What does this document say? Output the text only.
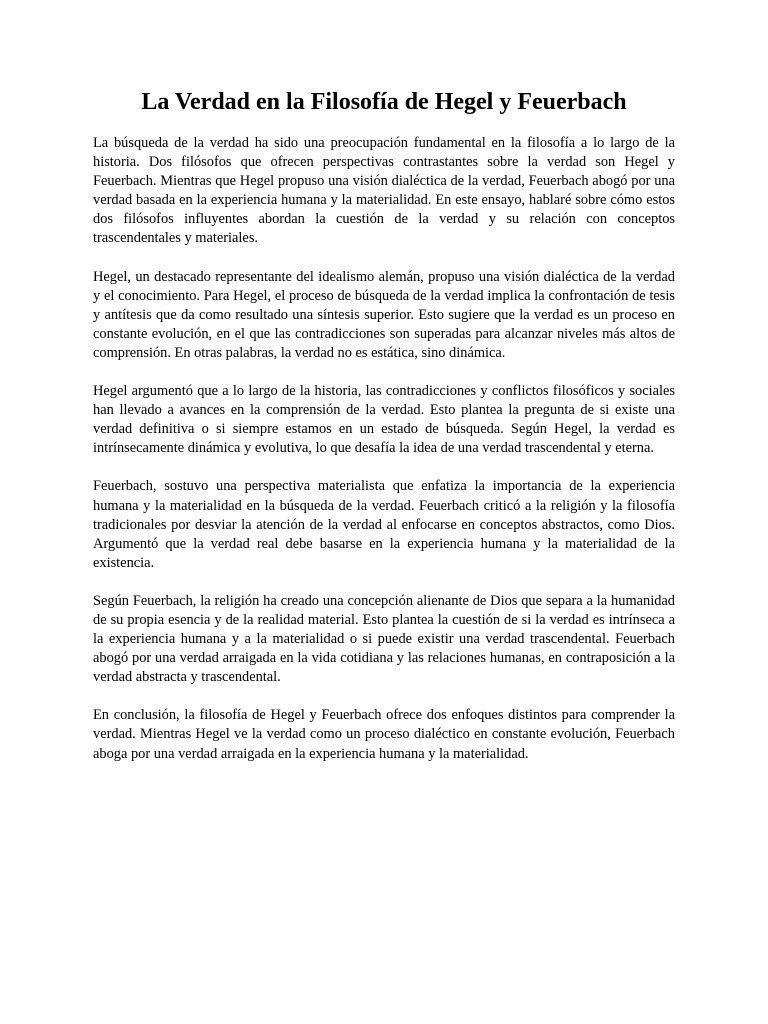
La Verdad en la Filosofía de Hegel y Feuerbach

La búsqueda de la verdad ha sido una preocupación fundamental en la filosofía a lo largo de la historia. Dos filósofos que ofrecen perspectivas contrastantes sobre la verdad son Hegel y Feuerbach. Mientras que Hegel propuso una visión dialéctica de la verdad, Feuerbach abogó por una verdad basada en la experiencia humana y la materialidad. En este ensayo, hablaré sobre cómo estos dos filósofos influyentes abordan la cuestión de la verdad y su relación con conceptos trascendentales y materiales.

Hegel, un destacado representante del idealismo alemán, propuso una visión dialéctica de la verdad y el conocimiento. Para Hegel, el proceso de búsqueda de la verdad implica la confrontación de tesis y antítesis que da como resultado una síntesis superior. Esto sugiere que la verdad es un proceso en constante evolución, en el que las contradicciones son superadas para alcanzar niveles más altos de comprensión. En otras palabras, la verdad no es estática, sino dinámica.

Hegel argumentó que a lo largo de la historia, las contradicciones y conflictos filosóficos y sociales han llevado a avances en la comprensión de la verdad. Esto plantea la pregunta de si existe una verdad definitiva o si siempre estamos en un estado de búsqueda. Según Hegel, la verdad es intrínsecamente dinámica y evolutiva, lo que desafía la idea de una verdad trascendental y eterna.

Feuerbach, sostuvo una perspectiva materialista que enfatiza la importancia de la experiencia humana y la materialidad en la búsqueda de la verdad. Feuerbach criticó a la religión y la filosofía tradicionales por desviar la atención de la verdad al enfocarse en conceptos abstractos, como Dios. Argumentó que la verdad real debe basarse en la experiencia humana y la materialidad de la existencia.

Según Feuerbach, la religión ha creado una concepción alienante de Dios que separa a la humanidad de su propia esencia y de la realidad material. Esto plantea la cuestión de si la verdad es intrínseca a la experiencia humana y a la materialidad o si puede existir una verdad trascendental. Feuerbach abogó por una verdad arraigada en la vida cotidiana y las relaciones humanas, en contraposición a la verdad abstracta y trascendental.

En conclusión, la filosofía de Hegel y Feuerbach ofrece dos enfoques distintos para comprender la verdad. Mientras Hegel ve la verdad como un proceso dialéctico en constante evolución, Feuerbach aboga por una verdad arraigada en la experiencia humana y la materialidad.
